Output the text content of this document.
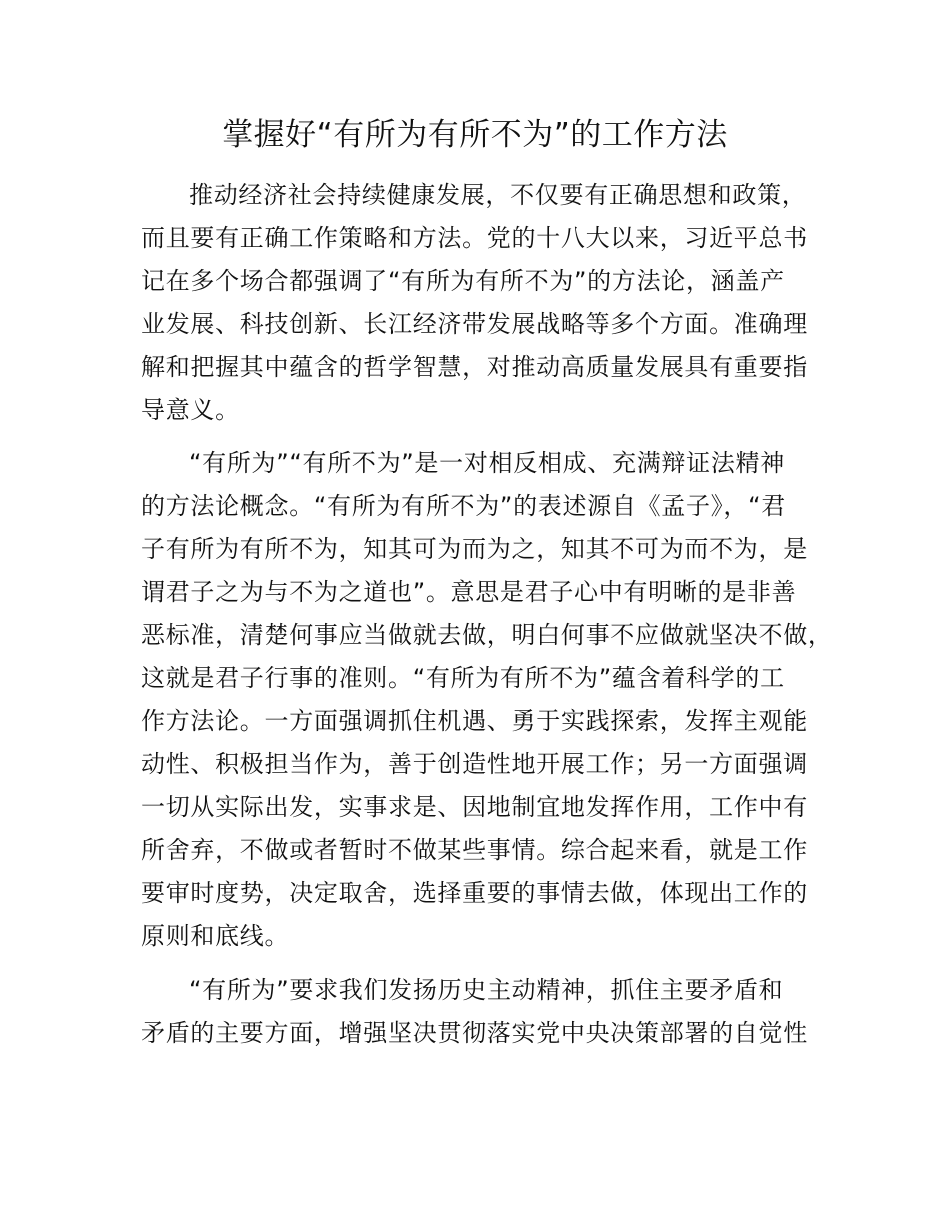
掌握好“有所为有所不为”的工作方法
推动经济社会持续健康发展，不仅要有正确思想和政策，
而且要有正确工作策略和方法。党的十八大以来，习近平总书
记在多个场合都强调了“有所为有所不为”的方法论，涵盖产
业发展、科技创新、长江经济带发展战略等多个方面。准确理
解和把握其中蕴含的哲学智慧，对推动高质量发展具有重要指
导意义。
“有所为”“有所不为”是一对相反相成、充满辩证法精神
的方法论概念。“有所为有所不为”的表述源自《孟子》，“君
子有所为有所不为，知其可为而为之，知其不可为而不为，是
谓君子之为与不为之道也”。意思是君子心中有明晰的是非善
恶标准，清楚何事应当做就去做，明白何事不应做就坚决不做，
这就是君子行事的准则。“有所为有所不为”蕴含着科学的工
作方法论。一方面强调抓住机遇、勇于实践探索，发挥主观能
动性、积极担当作为，善于创造性地开展工作；另一方面强调
一切从实际出发，实事求是、因地制宜地发挥作用，工作中有
所舍弃，不做或者暂时不做某些事情。综合起来看，就是工作
要审时度势，决定取舍，选择重要的事情去做，体现出工作的
原则和底线。
“有所为”要求我们发扬历史主动精神，抓住主要矛盾和
矛盾的主要方面，增强坚决贯彻落实党中央决策部署的自觉性
